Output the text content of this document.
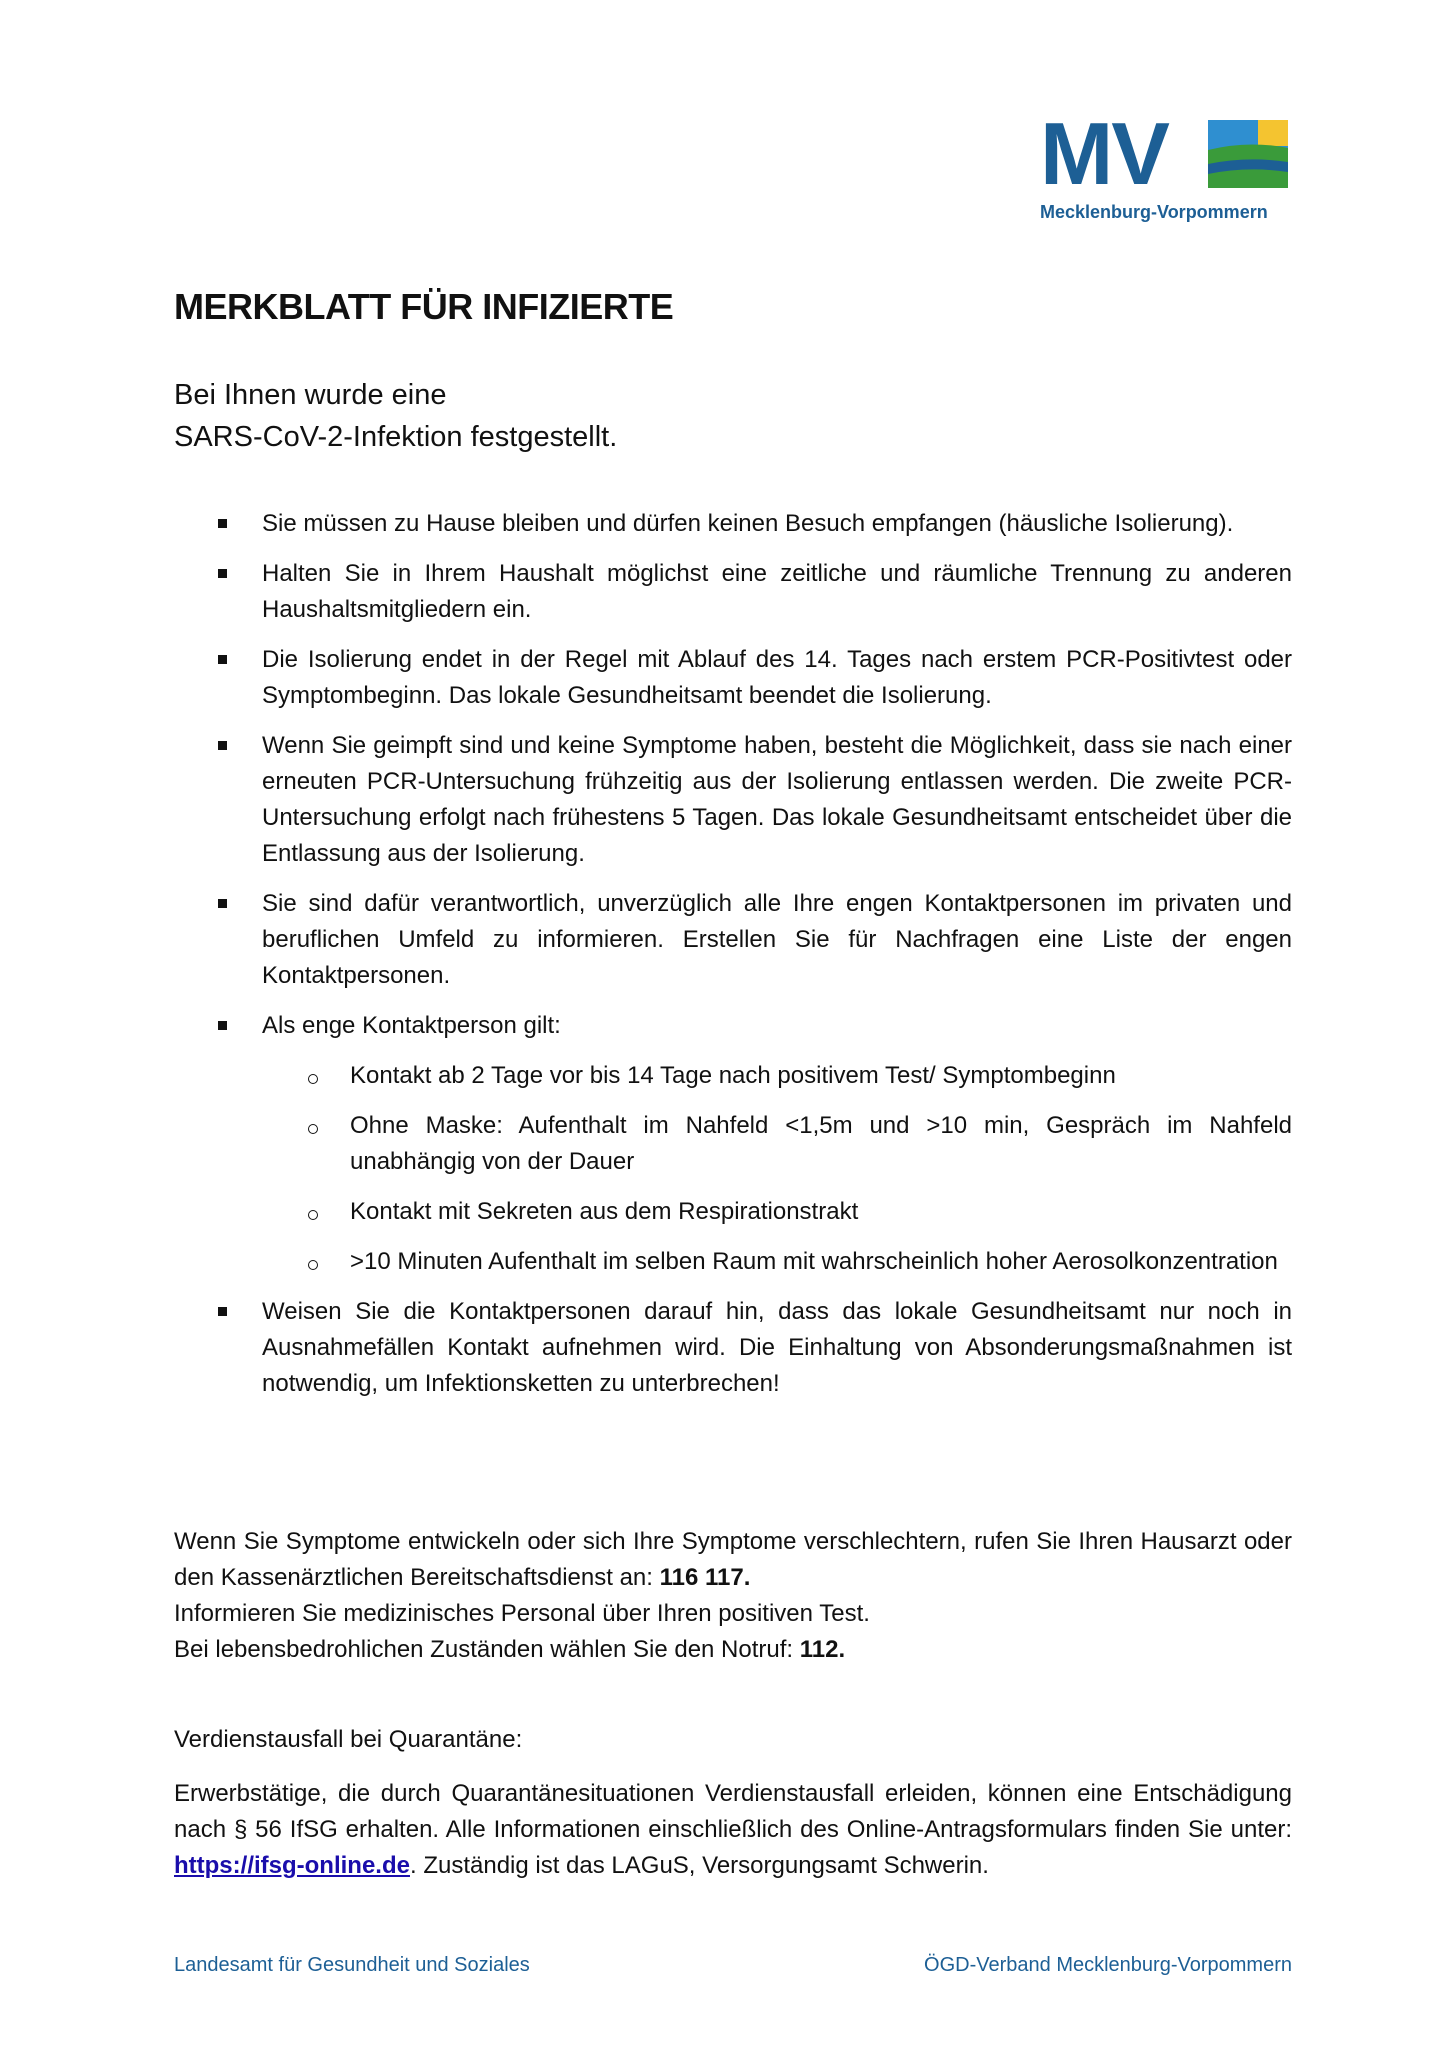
MV
Mecklenburg-Vorpommern
MERKBLATT FÜR INFIZIERTE
Bei Ihnen wurde eine
SARS-CoV-2-Infektion festgestellt.
Sie müssen zu Hause bleiben und dürfen keinen Besuch empfangen (häusliche Isolierung).
Halten Sie in Ihrem Haushalt möglichst eine zeitliche und räumliche Trennung zu anderen Haushaltsmitgliedern ein.
Die Isolierung endet in der Regel mit Ablauf des 14. Tages nach erstem PCR-Positivtest oder Symptombeginn. Das lokale Gesundheitsamt beendet die Isolierung.
Wenn Sie geimpft sind und keine Symptome haben, besteht die Möglichkeit, dass sie nach einer erneuten PCR-Untersuchung frühzeitig aus der Isolierung entlassen werden. Die zweite PCR-Untersuchung erfolgt nach frühestens 5 Tagen. Das lokale Gesundheitsamt entscheidet über die Entlassung aus der Isolierung.
Sie sind dafür verantwortlich, unverzüglich alle Ihre engen Kontaktpersonen im privaten und beruflichen Umfeld zu informieren. Erstellen Sie für Nachfragen eine Liste der engen Kontaktpersonen.
Als enge Kontaktperson gilt:
Kontakt ab 2 Tage vor bis 14 Tage nach positivem Test/ Symptombeginn
Ohne Maske: Aufenthalt im Nahfeld <1,5m und >10 min, Gespräch im Nahfeld unabhängig von der Dauer
Kontakt mit Sekreten aus dem Respirationstrakt
>10 Minuten Aufenthalt im selben Raum mit wahrscheinlich hoher Aerosolkonzentration
Weisen Sie die Kontaktpersonen darauf hin, dass das lokale Gesundheitsamt nur noch in Ausnahmefällen Kontakt aufnehmen wird. Die Einhaltung von Absonderungsmaßnahmen ist notwendig, um Infektionsketten zu unterbrechen!
Wenn Sie Symptome entwickeln oder sich Ihre Symptome verschlechtern, rufen Sie Ihren Hausarzt oder den Kassenärztlichen Bereitschaftsdienst an: 116 117.
Informieren Sie medizinisches Personal über Ihren positiven Test.
Bei lebensbedrohlichen Zuständen wählen Sie den Notruf: 112.
Verdienstausfall bei Quarantäne:
Erwerbstätige, die durch Quarantänesituationen Verdienstausfall erleiden, können eine Entschädigung nach § 56 IfSG erhalten. Alle Informationen einschließlich des Online-Antragsformulars finden Sie unter: https://ifsg-online.de. Zuständig ist das LAGuS, Versorgungsamt Schwerin.
Landesamt für Gesundheit und Soziales	ÖGD-Verband Mecklenburg-Vorpommern
